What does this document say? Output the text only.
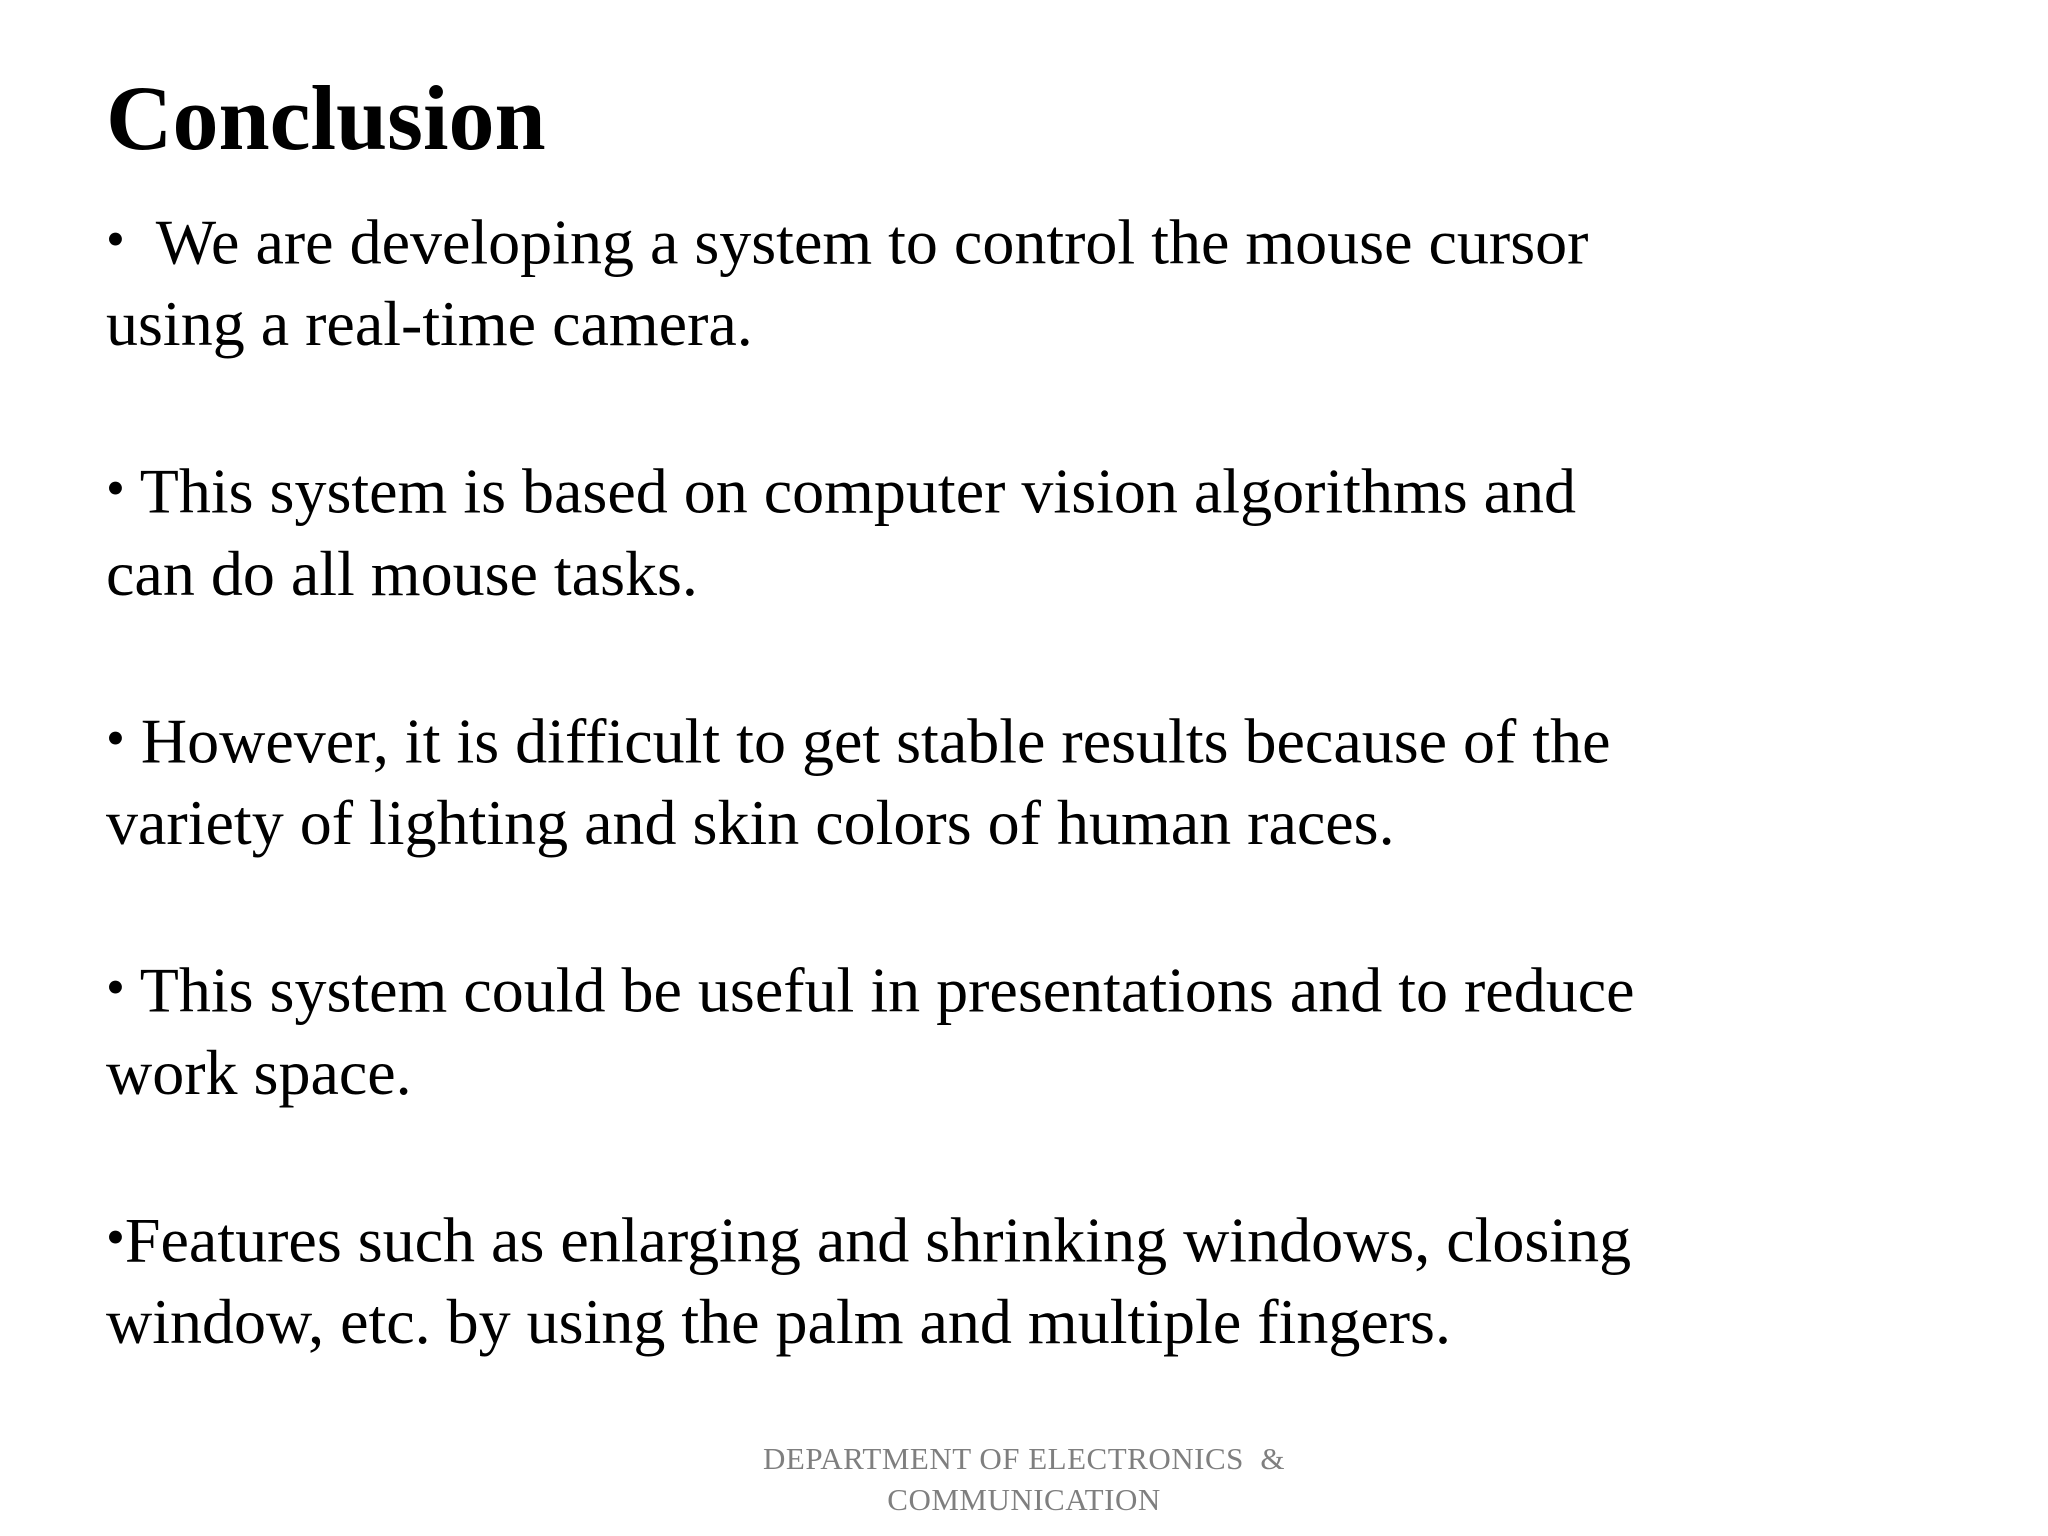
Conclusion
•  We are developing a system to control the mouse cursor
using a real-time camera.
• This system is based on computer vision algorithms and
can do all mouse tasks.
• However, it is difficult to get stable results because of the
variety of lighting and skin colors of human races.
• This system could be useful in presentations and to reduce
work space.
•Features such as enlarging and shrinking windows, closing
window, etc. by using the palm and multiple fingers.
DEPARTMENT OF ELECTRONICS  &
COMMUNICATION
